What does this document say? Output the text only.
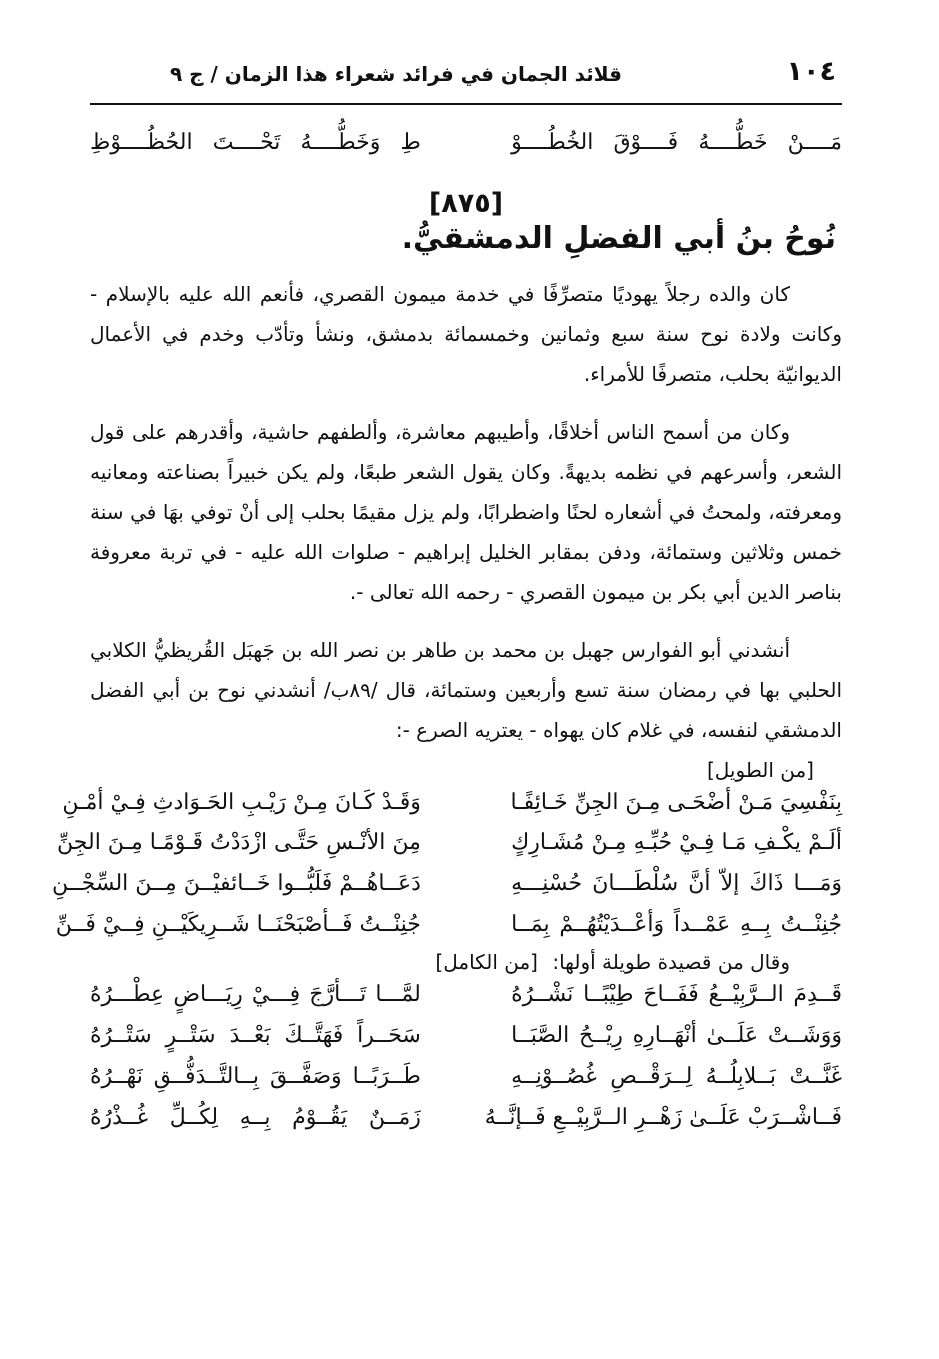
١٠٤
قلائد الجمان في فرائد شعراء هذا الزمان / ج ٩
مَــــنْ خَطُّــــهُ فَــــوْقَ الخُطُــــوْ
طِ وَخَطُّــــهُ تَحْــــتَ الحُظُــــوْظِ
[٨٧٥]
نُوحُ بنُ أبي الفضلِ الدمشقيُّ.

كان والده رجلاً يهوديًا متصرِّفًا في خدمة ميمون القصري، فأنعم الله عليه بالإسلام - وكانت ولادة نوح سنة سبع وثمانين وخمسمائة بدمشق، ونشأ وتأدّب وخدم في الأعمال الديوانيّة بحلب، متصرفًا للأمراء.

وكان من أسمح الناس أخلاقًا، وأطيبهم معاشرة، وألطفهم حاشية، وأقدرهم على قول الشعر، وأسرعهم في نظمه بديهةً. وكان يقول الشعر طبعًا، ولم يكن خبيراً بصناعته ومعانيه ومعرفته، ولمحتُ في أشعاره لحنًا واضطرابًا، ولم يزل مقيمًا بحلب إلى أنْ توفي بهَا في سنة خمس وثلاثين وستمائة، ودفن بمقابر الخليل إبراهيم - صلوات الله عليه - في تربة معروفة بناصر الدين أبي بكر بن ميمون القصري - رحمه الله تعالى -.

أنشدني أبو الفوارس جهبل بن محمد بن طاهر بن نصر الله بن جَهبَل القُريظيُّ الكلابي الحلبي بها في رمضان سنة تسع وأربعين وستمائة، قال /٨٩ب/ أنشدني نوح بن أبي الفضل الدمشقي لنفسه، في غلام كان يهواه - يعتريه الصرع -:

[من الطويل]
بِنَفْسِيَ مَـنْ أضْحَـى مِـنَ الجِنِّ خَـائِفًـا
وَقَـدْ كَـانَ مِـنْ رَيْـبِ الحَـوَادثِ فِـيْ أمْـنِ
ألَـمْ يكْـفِ مَـا فِـيْ حُبِّـهِ مِـنْ مُشَـارِكٍ
مِنَ الأنْـسِ حَتَّـى ازْدَدْتُ قَـوْمًـا مِـنَ الجِنِّ
وَمَـــا ذَاكَ إلاّ أنَّ سُلْطَـــانَ حُسْنِـــهِ
دَعَــاهُــمْ فَلَبُّــوا خَــائفيْــنَ مِــنَ السِّجْــنِ
جُنِنْــتُ بِــهِ عَمْــداً وَأعْــدَيْتُهُــمْ بِمَــا
جُنِنْــتُ فَــأصْبَحْنَــا شَــرِيكَيْــنِ فِــيْ فَــنِّ
وقال من قصيدة طويلة أولها: [من الكامل]
قَــدِمَ الــرَّبِيْــعُ فَفَــاحَ طِيْبًــا نَشْــرُهُ
لمَّـــا تَـــأرَّجَ فِـــيْ رِيَـــاضٍ عِطْـــرُهُ
وَوَشَــتْ عَلَــىٰ أنْهَــارِهِ رِيْــحُ الصَّبَــا
سَحَــراً فَهَتَّــكَ بَعْــدَ سَتْــرٍ سَتْــرُهُ
غَنَّــتْ بَــلابِلُــهُ لِــرَقْــصِ غُصُــوْنِــهِ
طَــرَبًــا وَصَفَّــقَ بِــالتَّــدَفُّــقِ نَهْــرُهُ
فَــاشْــرَبْ عَلَــىٰ زَهْــرِ الــرَّبِيْــعِ فَــإنَّــهُ
زَمَــنٌ يَقُــوْمُ بِــهِ لِكُــلِّ غُــذْرُهُ
